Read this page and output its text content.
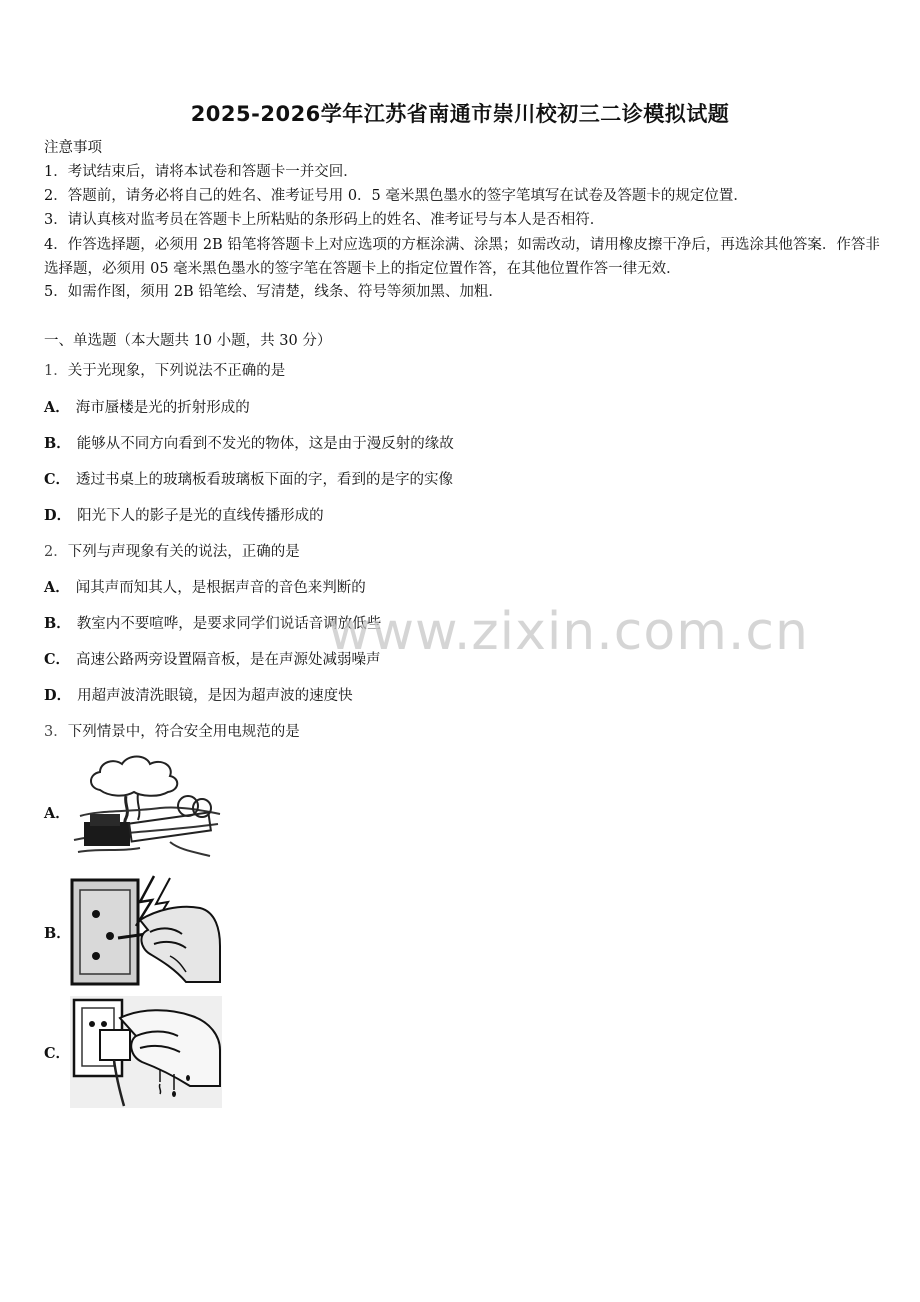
2025-2026学年江苏省南通市崇川校初三二诊模拟试题
注意事项
1．考试结束后，请将本试卷和答题卡一并交回．
2．答题前，请务必将自己的姓名、准考证号用 0．5 毫米黑色墨水的签字笔填写在试卷及答题卡的规定位置．
3．请认真核对监考员在答题卡上所粘贴的条形码上的姓名、准考证号与本人是否相符．
4．作答选择题，必须用 2B 铅笔将答题卡上对应选项的方框涂满、涂黑；如需改动，请用橡皮擦干净后，再选涂其他答案．作答非选择题，必须用 05 毫米黑色墨水的签字笔在答题卡上的指定位置作答，在其他位置作答一律无效．
5．如需作图，须用 2B 铅笔绘、写清楚，线条、符号等须加黑、加粗．
一、单选题（本大题共 10 小题，共 30 分）
1．关于光现象，下列说法不正确的是
A． 海市蜃楼是光的折射形成的
B． 能够从不同方向看到不发光的物体，这是由于漫反射的缘故
C． 透过书桌上的玻璃板看玻璃板下面的字，看到的是字的实像
D． 阳光下人的影子是光的直线传播形成的
2．下列与声现象有关的说法，正确的是
A． 闻其声而知其人，是根据声音的音色来判断的
B． 教室内不要喧哗，是要求同学们说话音调放低些
C． 高速公路两旁设置隔音板，是在声源处减弱噪声
D． 用超声波清洗眼镜，是因为超声波的速度快
www.zixin.com.cn
3．下列情景中，符合安全用电规范的是
A．
B．
C．
